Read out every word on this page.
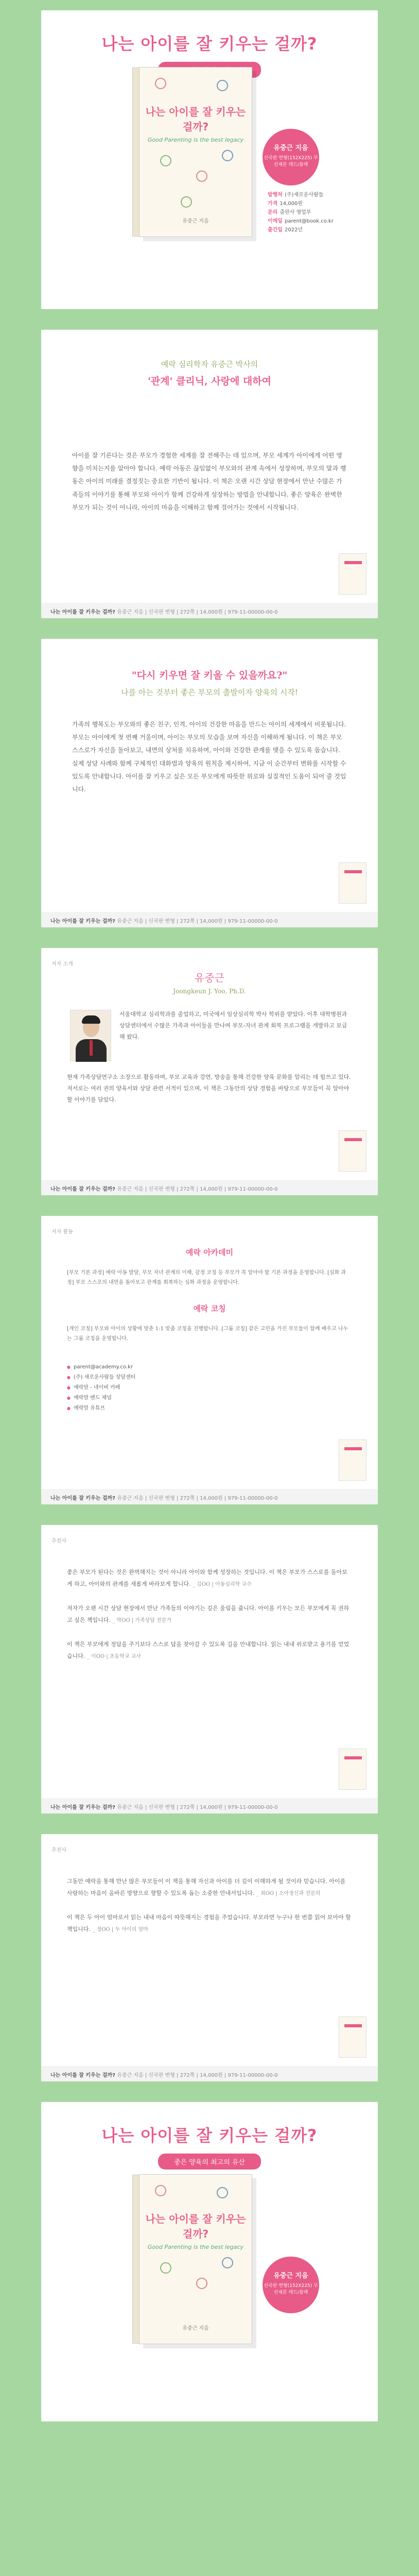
나는 아이를 잘 키우는 걸까?
나는 아이를 잘 키우는 걸까?
Good Parenting is the best legacy
유중근 지음
유중근 지음
신국판 변형(152X225) 무선제본 레드/블랙
발행처 (주)새로운사람들
가격 14,000원
문의 출판사 영업부
이메일 parent@book.co.kr
출간일 2022년
예락 심리학자 유중근 박사의
'관계' 클리닉, 사랑에 대하여
아이를 잘 기른다는 것은 부모가 경험한 세계를 잘 전해주는 데 있으며, 부모 세계가 아이에게 어떤 영향을 미치는지를 알아야 합니다. 예락 아동은 끊임없이 부모와의 관계 속에서 성장하며, 부모의 말과 행동은 아이의 미래를 결정짓는 중요한 기반이 됩니다. 이 책은 오랜 시간 상담 현장에서 만난 수많은 가족들의 이야기를 통해 부모와 아이가 함께 건강하게 성장하는 방법을 안내합니다. 좋은 양육은 완벽한 부모가 되는 것이 아니라, 아이의 마음을 이해하고 함께 걸어가는 것에서 시작됩니다.
나는 아이를 잘 키우는 걸까? 유중근 지음 | 신국판 변형 | 272쪽 | 14,000원 | 979-11-00000-00-0
"다시 키우면 잘 키울 수 있을까요?"
나를 아는 것부터 좋은 부모의 출발이자 양육의 시작!
가족의 행복도는 부모와의 좋은 친구, 인격, 아이의 건강한 마음을 만드는 아이의 세계에서 비롯됩니다. 부모는 아이에게 첫 번째 거울이며, 아이는 부모의 모습을 보며 자신을 이해하게 됩니다. 이 책은 부모 스스로가 자신을 돌아보고, 내면의 상처를 치유하며, 아이와 건강한 관계를 맺을 수 있도록 돕습니다. 실제 상담 사례와 함께 구체적인 대화법과 양육의 원칙을 제시하여, 지금 이 순간부터 변화를 시작할 수 있도록 안내합니다. 아이를 잘 키우고 싶은 모든 부모에게 따뜻한 위로와 실질적인 도움이 되어 줄 것입니다.
나는 아이를 잘 키우는 걸까? 유중근 지음 | 신국판 변형 | 272쪽 | 14,000원 | 979-11-00000-00-0
저자 소개
유중근
Joongkeun J. Yoo, Ph.D.
서울대학교 심리학과를 졸업하고, 미국에서 임상심리학 박사 학위를 받았다. 이후 대학병원과 상담센터에서 수많은 가족과 아이들을 만나며 부모-자녀 관계 회복 프로그램을 개발하고 보급해 왔다.
현재 가족상담연구소 소장으로 활동하며, 부모 교육과 강연, 방송을 통해 건강한 양육 문화를 알리는 데 힘쓰고 있다. 저서로는 여러 권의 양육서와 상담 관련 서적이 있으며, 이 책은 그동안의 상담 경험을 바탕으로 부모들이 꼭 알아야 할 이야기를 담았다.
나는 아이를 잘 키우는 걸까? 유중근 지음 | 신국판 변형 | 272쪽 | 14,000원 | 979-11-00000-00-0
저자 활동
예락 아카데미
[부모 기본 과정] 예락 아동 발달, 부모 자녀 관계의 이해, 감정 코칭 등 부모가 꼭 알아야 할 기본 과정을 운영합니다. [심화 과정] 부모 스스로의 내면을 돌아보고 관계를 회복하는 심화 과정을 운영합니다.
예락 코칭
[개인 코칭] 부모와 아이의 상황에 맞춘 1:1 맞춤 코칭을 진행합니다. [그룹 코칭] 같은 고민을 가진 부모들이 함께 배우고 나누는 그룹 코칭을 운영합니다.
● parent@academy.co.kr
● (주) 새로운사람들 상담센터
● 예락맘 - 네이버 카페
● 예락맘 밴드 채널
● 예락맘 유튜브
나는 아이를 잘 키우는 걸까? 유중근 지음 | 신국판 변형 | 272쪽 | 14,000원 | 979-11-00000-00-0
추천사
좋은 부모가 된다는 것은 완벽해지는 것이 아니라 아이와 함께 성장하는 것입니다. 이 책은 부모가 스스로를 돌아보게 하고, 아이와의 관계를 새롭게 바라보게 합니다. _ 김OO | 아동심리학 교수
저자가 오랜 시간 상담 현장에서 만난 가족들의 이야기는 깊은 울림을 줍니다. 아이를 키우는 모든 부모에게 꼭 권하고 싶은 책입니다. _ 박OO | 가족상담 전문가
이 책은 부모에게 정답을 주기보다 스스로 답을 찾아갈 수 있도록 길을 안내합니다. 읽는 내내 위로받고 용기를 얻었습니다. _ 이OO | 초등학교 교사
나는 아이를 잘 키우는 걸까? 유중근 지음 | 신국판 변형 | 272쪽 | 14,000원 | 979-11-00000-00-0
추천사
그동안 예락을 통해 만난 많은 부모들이 이 책을 통해 자신과 아이를 더 깊이 이해하게 될 것이라 믿습니다. 아이를 사랑하는 마음이 올바른 방향으로 향할 수 있도록 돕는 소중한 안내서입니다. _ 최OO | 소아정신과 전문의
이 책은 두 아이 엄마로서 읽는 내내 마음이 따뜻해지는 경험을 주었습니다. 부모라면 누구나 한 번쯤 읽어 보아야 할 책입니다. _ 정OO | 두 아이의 엄마
나는 아이를 잘 키우는 걸까? 유중근 지음 | 신국판 변형 | 272쪽 | 14,000원 | 979-11-00000-00-0
나는 아이를 잘 키우는 걸까?
좋은 양육의 최고의 유산
나는 아이를 잘 키우는 걸까?
Good Parenting is the best legacy
유중근 지음
유중근 지음
신국판 변형(152X225) 무선제본 레드/블랙
